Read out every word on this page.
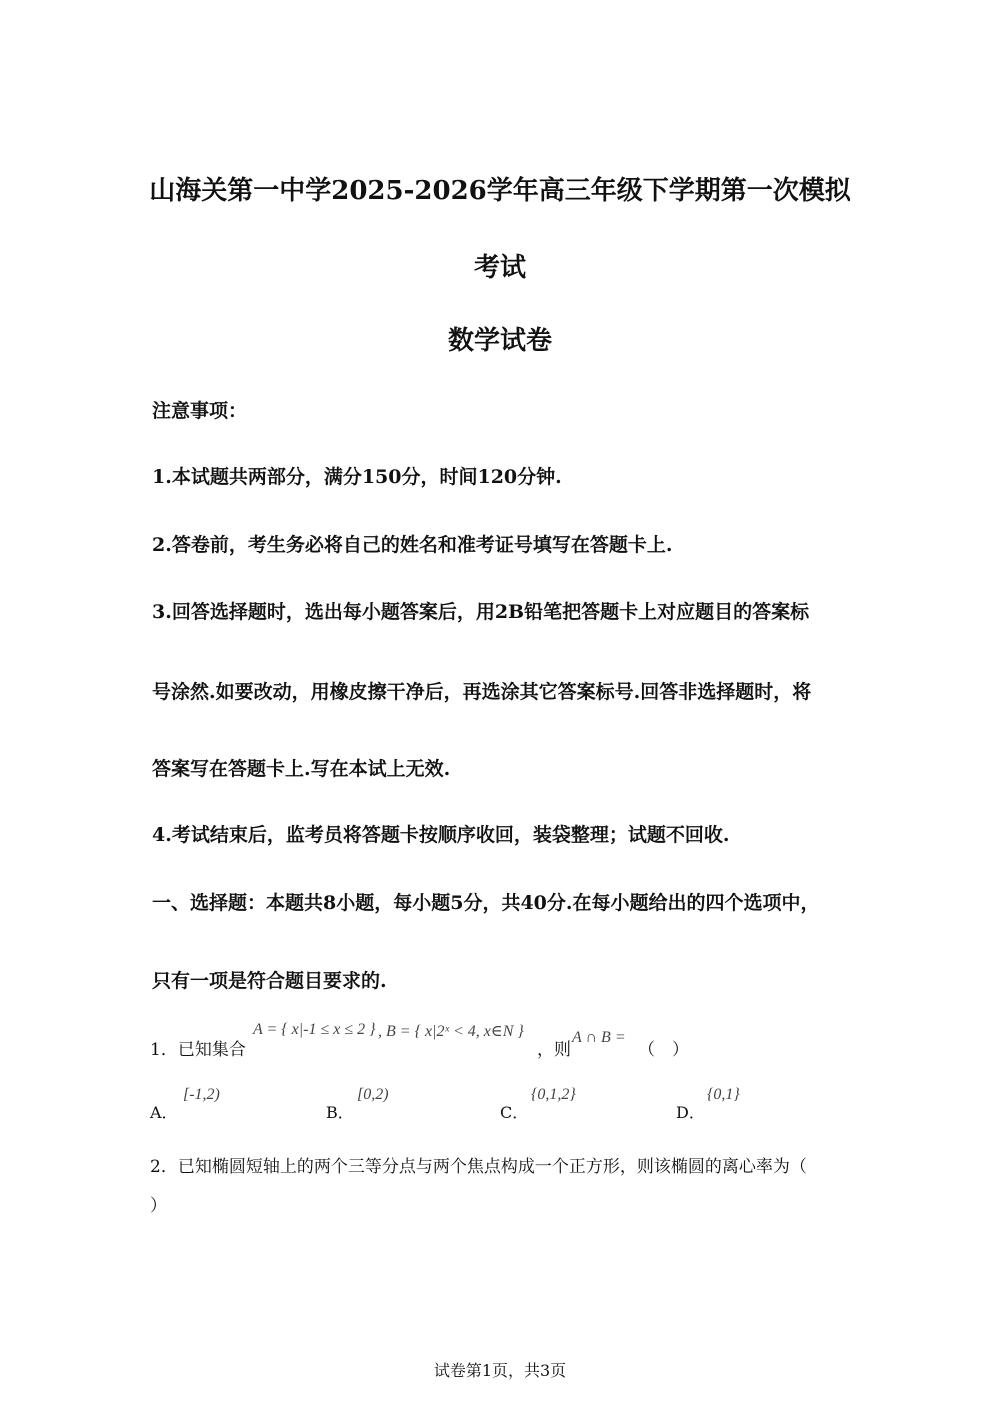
山海关第一中学2025-2026学年高三年级下学期第一次模拟
考试
数学试卷
注意事项：
1.本试题共两部分，满分150分，时间120分钟.
2.答卷前，考生务必将自己的姓名和准考证号填写在答题卡上.
3.回答选择题时，选出每小题答案后，用2B铅笔把答题卡上对应题目的答案标
号涂然.如要改动，用橡皮擦干净后，再选涂其它答案标号.回答非选择题时，将
答案写在答题卡上.写在本试上无效.
4.考试结束后，监考员将答题卡按顺序收回，装袋整理；试题不回收.
一、选择题：本题共8小题，每小题5分，共40分.在每小题给出的四个选项中，
只有一项是符合题目要求的.
1．已知集合
A = { x|-1 ≤ x ≤ 2 } , B = { x|2ˣ < 4, x∈N }
，则
A ∩ B =
（　）
A．
[-1,2)
B．
[0,2)
C．
{0,1,2}
D．
{0,1}
2．已知椭圆短轴上的两个三等分点与两个焦点构成一个正方形，则该椭圆的离心率为（
）
试卷第1页，共3页
